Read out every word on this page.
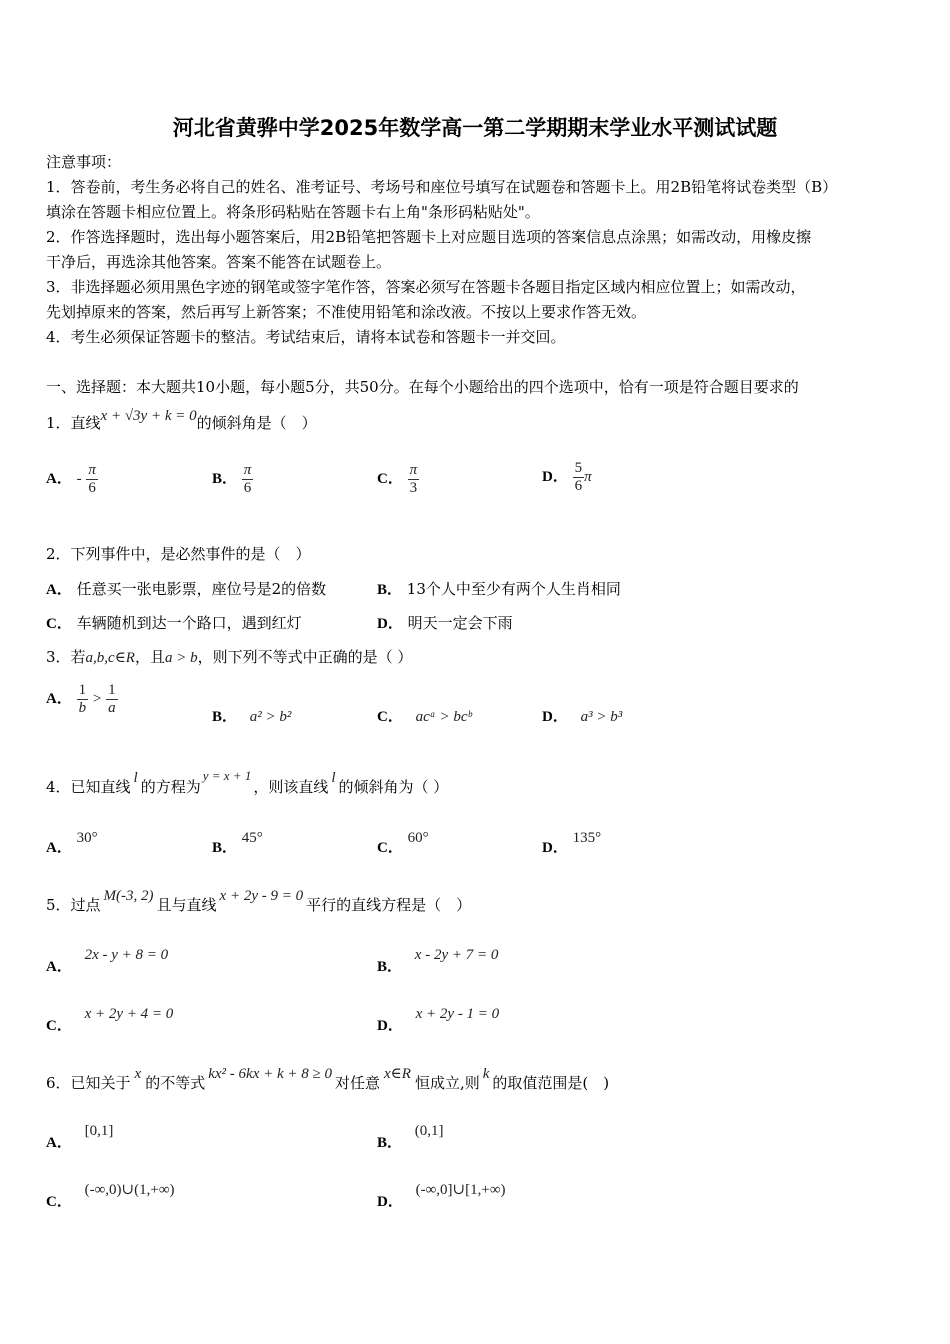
河北省黄骅中学2025年数学高一第二学期期末学业水平测试试题

注意事项：

1．答卷前，考生务必将自己的姓名、准考证号、考场号和座位号填写在试题卷和答题卡上。用2B铅笔将试卷类型（B）

填涂在答题卡相应位置上。将条形码粘贴在答题卡右上角"条形码粘贴处"。

2．作答选择题时，选出每小题答案后，用2B铅笔把答题卡上对应题目选项的答案信息点涂黑；如需改动，用橡皮擦

干净后，再选涂其他答案。答案不能答在试题卷上。

3．非选择题必须用黑色字迹的钢笔或签字笔作答，答案必须写在答题卡各题目指定区域内相应位置上；如需改动，

先划掉原来的答案，然后再写上新答案；不准使用铅笔和涂改液。不按以上要求作答无效。

4．考生必须保证答题卡的整洁。考试结束后，请将本试卷和答题卡一并交回。

一、选择题：本大题共10小题，每小题5分，共50分。在每个小题给出的四个选项中，恰有一项是符合题目要求的
1．直线x + √3y + k = 0的倾斜角是（　）
A． - $\frac{\pi}{6}$	B． $\frac{\pi}{6}$	C． $\frac{\pi}{3}$	D． $\frac{5}{6}$ π
2．下列事件中，是必然事件的是（　）
A． 任意买一张电影票，座位号是2的倍数	B． 13个人中至少有两个人生肖相同
C． 车辆随机到达一个路口，遇到红灯	D． 明天一定会下雨
3．若a,b,c∈R，且a > b，则下列不等式中正确的是（ ）
A． $\frac{1}{b} > \frac{1}{a}$
B． a² > b²	C． acᵃ > bcᵇ	D． a³ > b³
4．已知直线 l 的方程为y = x + 1，则该直线 l 的倾斜角为（ ）
A． 30°
B． 45°
C． 60°
D． 135°
5．过点 M(-3, 2) 且与直线 x + 2y - 9 = 0 平行的直线方程是（　）
A． 2x - y + 8 = 0
B． x - 2y + 7 = 0
C． x + 2y + 4 = 0
D． x + 2y - 1 = 0
6．已知关于 x 的不等式 kx² - 6kx + k + 8 ≥ 0 对任意 x∈R 恒成立,则 k 的取值范围是(　)
A． [0,1]
B． (0,1]
C． (-∞,0)∪(1,+∞)
D． (-∞,0]∪[1,+∞)
